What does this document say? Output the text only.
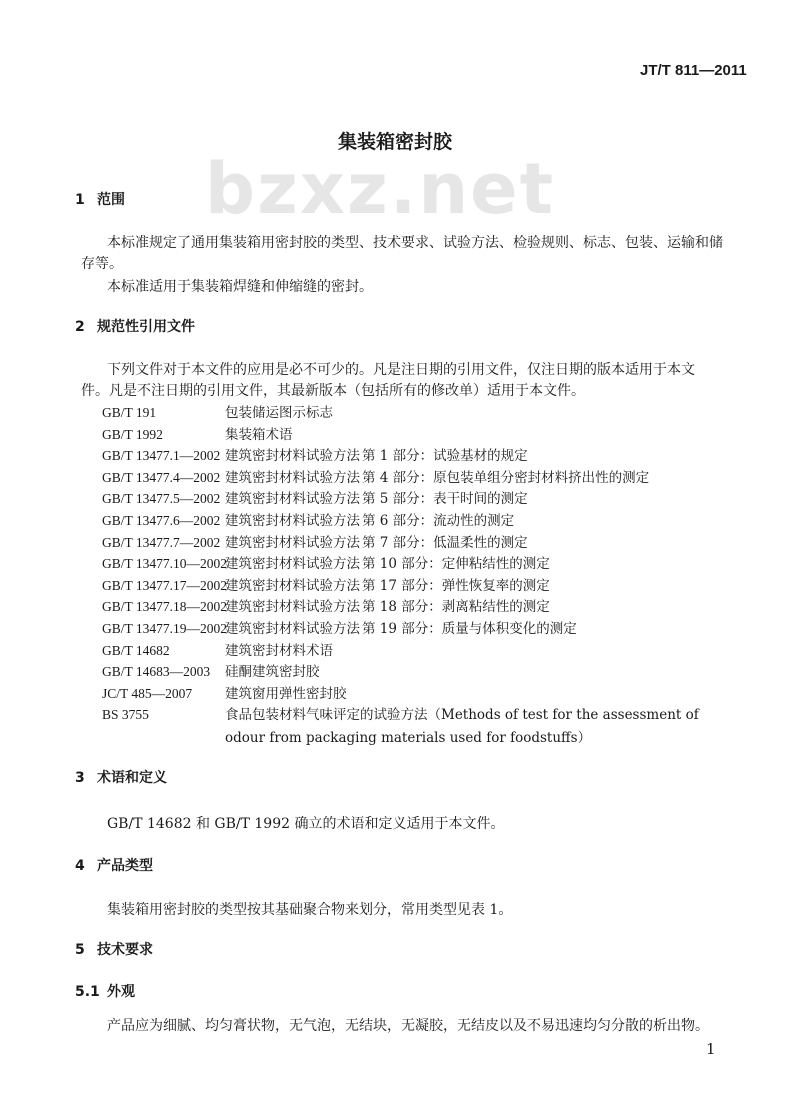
bzxz.net
JT/T 811—2011
集装箱密封胶
1 范围
本标准规定了通用集装箱用密封胶的类型、技术要求、试验方法、检验规则、标志、包装、运输和储
存等。
本标准适用于集装箱焊缝和伸缩缝的密封。
2 规范性引用文件
下列文件对于本文件的应用是必不可少的。凡是注日期的引用文件，仅注日期的版本适用于本文
件。凡是不注日期的引用文件，其最新版本（包括所有的修改单）适用于本文件。
GB/T 191	包装储运图示标志
GB/T 1992	集装箱术语
GB/T 13477.1—2002 建筑密封材料试验方法 第 1 部分：试验基材的规定
GB/T 13477.4—2002 建筑密封材料试验方法 第 4 部分：原包装单组分密封材料挤出性的测定
GB/T 13477.5—2002 建筑密封材料试验方法 第 5 部分：表干时间的测定
GB/T 13477.6—2002 建筑密封材料试验方法 第 6 部分：流动性的测定
GB/T 13477.7—2002 建筑密封材料试验方法 第 7 部分：低温柔性的测定
GB/T 13477.10—2002建筑密封材料试验方法 第 10 部分：定伸粘结性的测定
GB/T 13477.17—2002建筑密封材料试验方法 第 17 部分：弹性恢复率的测定
GB/T 13477.18—2002建筑密封材料试验方法 第 18 部分：剥离粘结性的测定
GB/T 13477.19—2002建筑密封材料试验方法 第 19 部分：质量与体积变化的测定
GB/T 14682	建筑密封材料术语
GB/T 14683—2003 硅酮建筑密封胶
JC/T 485—2007 建筑窗用弹性密封胶
BS 3755	食品包装材料气味评定的试验方法（Methods of test for the assessment of
odour from packaging materials used for foodstuffs）
3 术语和定义
GB/T 14682 和 GB/T 1992 确立的术语和定义适用于本文件。
4 产品类型
集装箱用密封胶的类型按其基础聚合物来划分，常用类型见表 1。
5 技术要求
5.1 外观
产品应为细腻、均匀膏状物，无气泡，无结块，无凝胶，无结皮以及不易迅速均匀分散的析出物。
1
